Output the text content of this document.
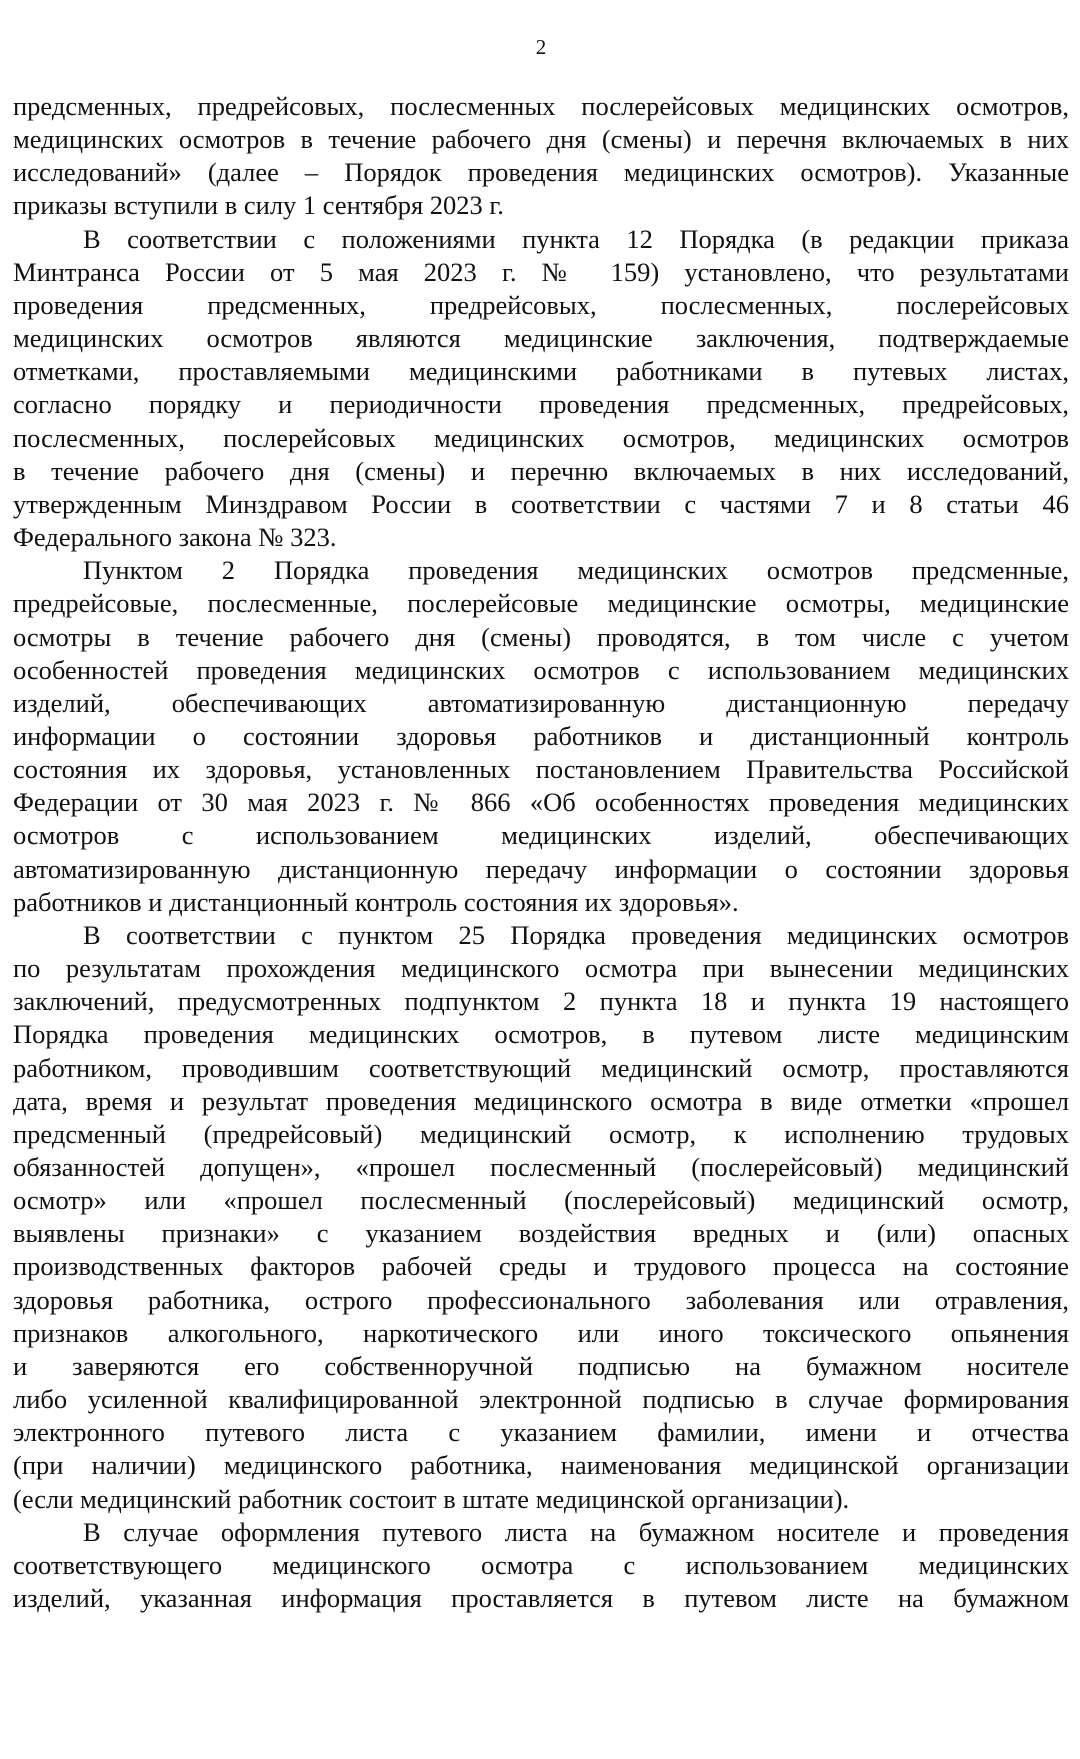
2

предсменных, предрейсовых, послесменных послерейсовых медицинских осмотров,

медицинских осмотров в течение рабочего дня (смены) и перечня включаемых в них

исследований» (далее – Порядок проведения медицинских осмотров). Указанные

приказы вступили в силу 1 сентября 2023 г.

В соответствии с положениями пункта 12 Порядка (в редакции приказа

Минтранса России от 5 мая 2023 г. № 159) установлено, что результатами

проведения предсменных, предрейсовых, послесменных, послерейсовых

медицинских осмотров являются медицинские заключения, подтверждаемые

отметками, проставляемыми медицинскими работниками в путевых листах,

согласно порядку и периодичности проведения предсменных, предрейсовых,

послесменных, послерейсовых медицинских осмотров, медицинских осмотров

в течение рабочего дня (смены) и перечню включаемых в них исследований,

утвержденным Минздравом России в соответствии с частями 7 и 8 статьи 46

Федерального закона № 323.

Пунктом 2 Порядка проведения медицинских осмотров предсменные,

предрейсовые, послесменные, послерейсовые медицинские осмотры, медицинские

осмотры в течение рабочего дня (смены) проводятся, в том числе с учетом

особенностей проведения медицинских осмотров с использованием медицинских

изделий, обеспечивающих автоматизированную дистанционную передачу

информации о состоянии здоровья работников и дистанционный контроль

состояния их здоровья, установленных постановлением Правительства Российской

Федерации от 30 мая 2023 г. № 866 «Об особенностях проведения медицинских

осмотров с использованием медицинских изделий, обеспечивающих

автоматизированную дистанционную передачу информации о состоянии здоровья

работников и дистанционный контроль состояния их здоровья».

В соответствии с пунктом 25 Порядка проведения медицинских осмотров

по результатам прохождения медицинского осмотра при вынесении медицинских

заключений, предусмотренных подпунктом 2 пункта 18 и пункта 19 настоящего

Порядка проведения медицинских осмотров, в путевом листе медицинским

работником, проводившим соответствующий медицинский осмотр, проставляются

дата, время и результат проведения медицинского осмотра в виде отметки «прошел

предсменный (предрейсовый) медицинский осмотр, к исполнению трудовых

обязанностей допущен», «прошел послесменный (послерейсовый) медицинский

осмотр» или «прошел послесменный (послерейсовый) медицинский осмотр,

выявлены признаки» с указанием воздействия вредных и (или) опасных

производственных факторов рабочей среды и трудового процесса на состояние

здоровья работника, острого профессионального заболевания или отравления,

признаков алкогольного, наркотического или иного токсического опьянения

и заверяются его собственноручной подписью на бумажном носителе

либо усиленной квалифицированной электронной подписью в случае формирования

электронного путевого листа с указанием фамилии, имени и отчества

(при наличии) медицинского работника, наименования медицинской организации

(если медицинский работник состоит в штате медицинской организации).

В случае оформления путевого листа на бумажном носителе и проведения

соответствующего медицинского осмотра с использованием медицинских

изделий, указанная информация проставляется в путевом листе на бумажном
